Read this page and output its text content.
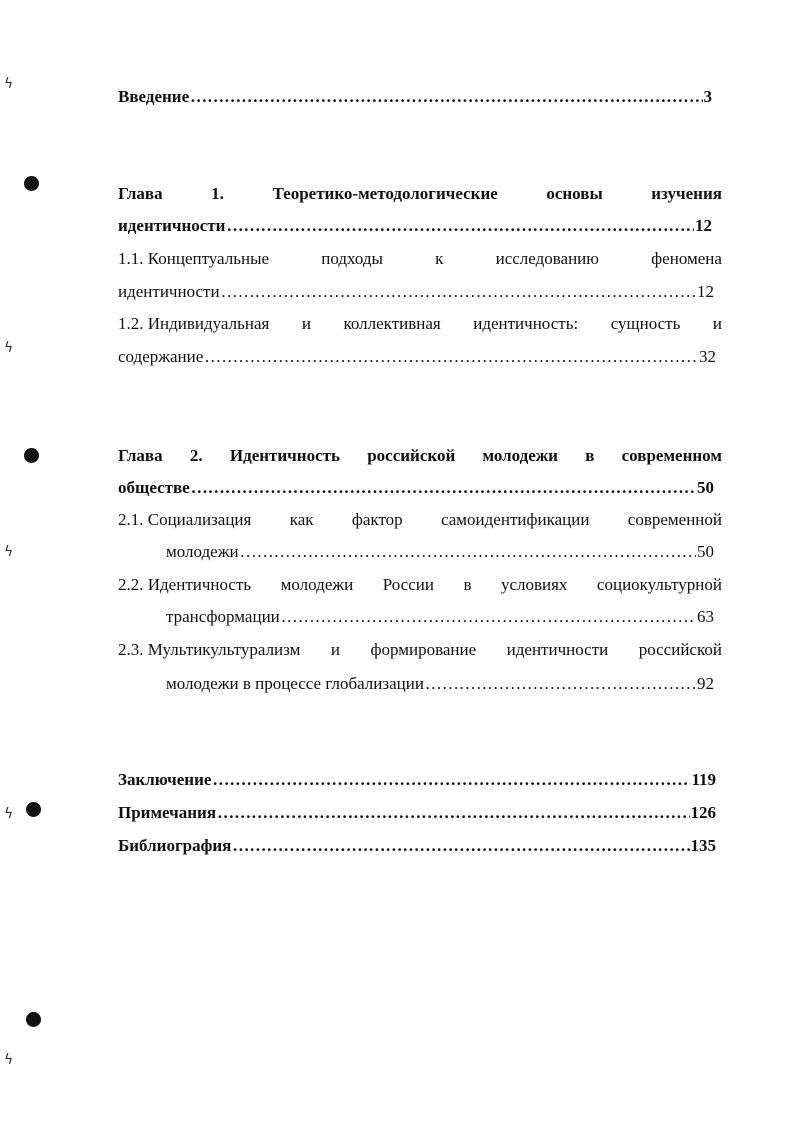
ϟ
ϟ
ϟ
ϟ
ϟ
Введение …………………………………………………………………………………………………………………………………………………………………	3
Глава	1.	Теоретико-методологические	основы	изучения
идентичности …………………………………………………………………………………………………………………………………………………………………	12
1.1. Концептуальные	подходы	к	исследованию	феномена
идентичности …………………………………………………………………………………………………………………………………………………………………	12
1.2. Индивидуальная и коллективная идентичность: сущность и
содержание …………………………………………………………………………………………………………………………………………………………………	32
Глава 2. Идентичность российской молодежи в современном
обществе …………………………………………………………………………………………………………………………………………………………………	50
2.1. Социализация как фактор самоидентификации современной
молодежи …………………………………………………………………………………………………………………………………………………………………	50
2.2. Идентичность молодежи России в условиях социокультурной
трансформации …………………………………………………………………………………………………………………………………………………………………	63
2.3. Мультикультурализм и формирование идентичности российской
молодежи в процессе глобализации …………………………………………………………………………………………………………………………………………………………………	92
Заключение …………………………………………………………………………………………………………………………………………………………………	119
Примечания …………………………………………………………………………………………………………………………………………………………………	126
Библиография …………………………………………………………………………………………………………………………………………………………………	135
